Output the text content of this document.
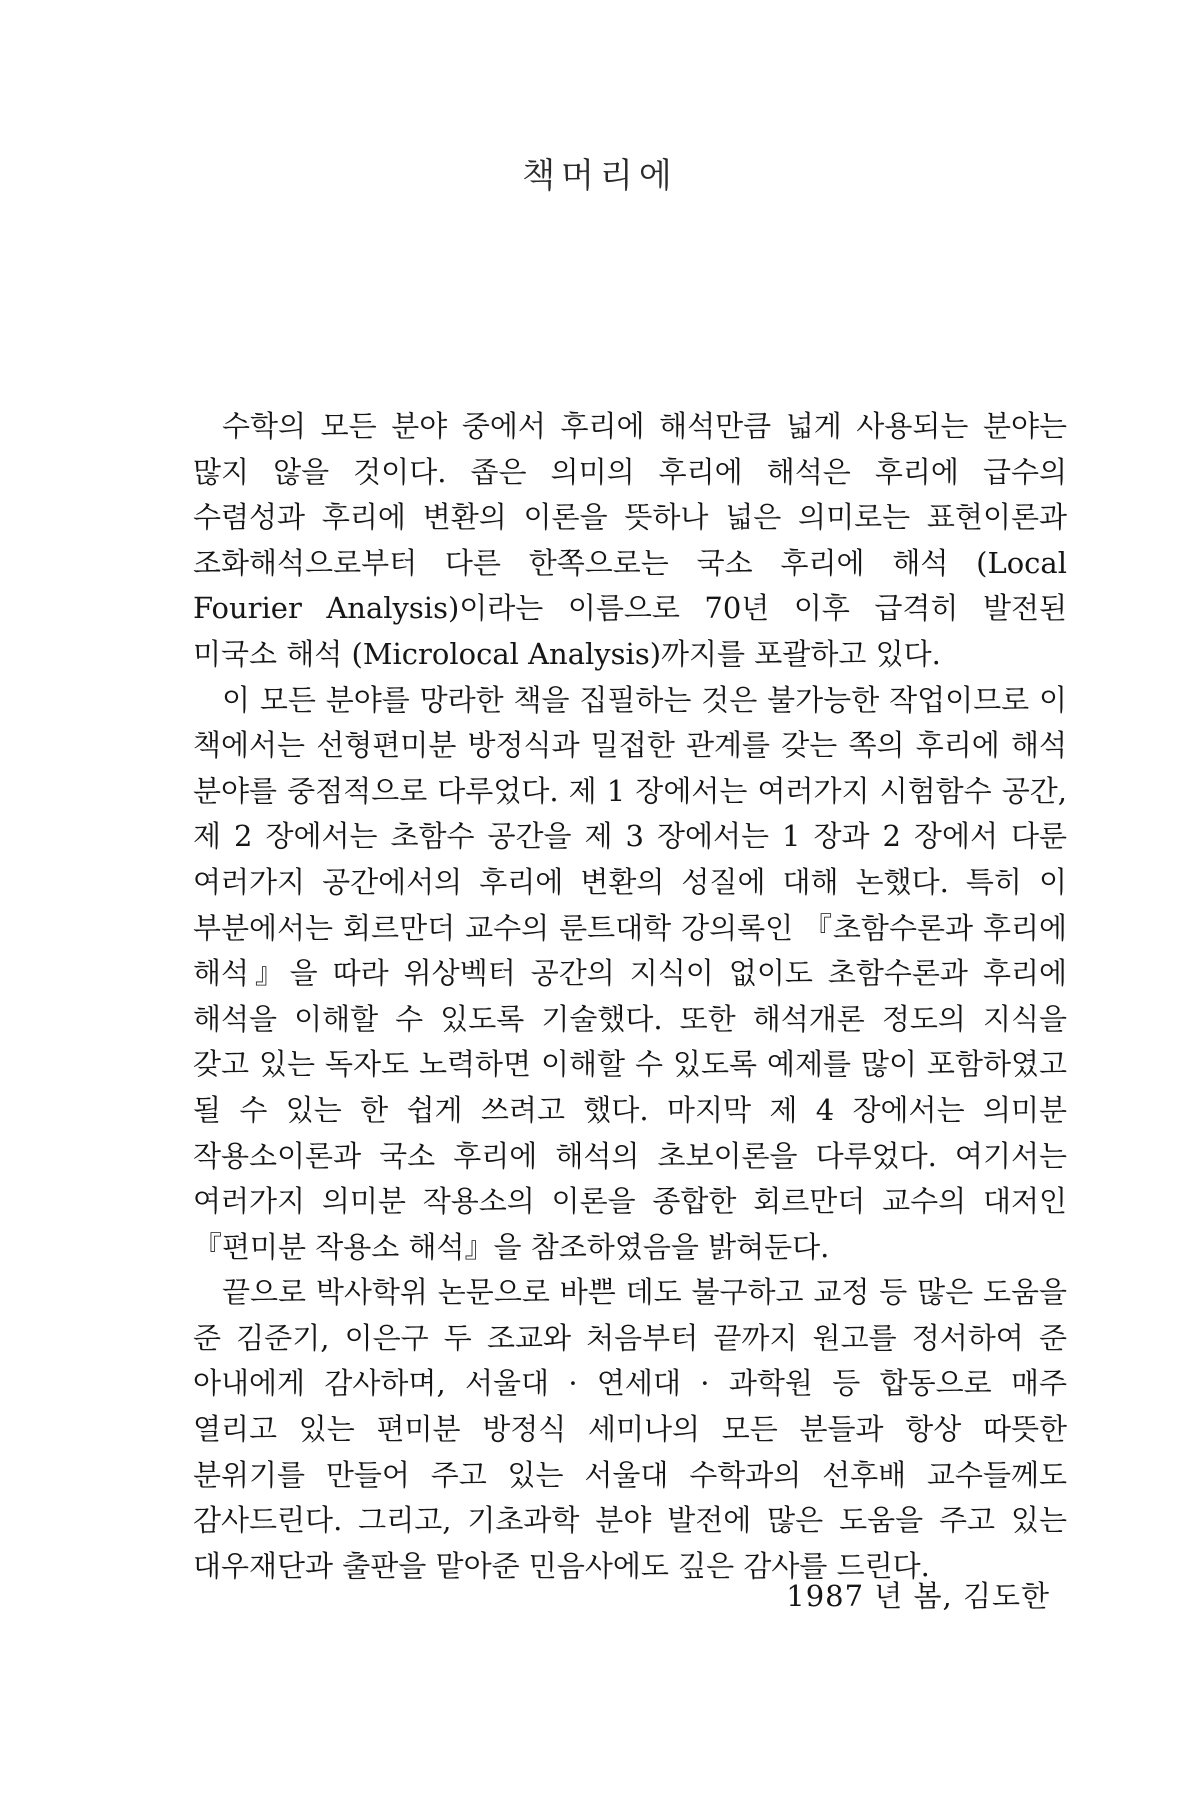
책머리에

수학의 모든 분야 중에서 후리에 해석만큼 넓게 사용되는 분야는 많지 않을 것이다. 좁은 의미의 후리에 해석은 후리에 급수의 수렴성과 후리에 변환의 이론을 뜻하나 넓은 의미로는 표현이론과 조화해석으로부터 다른 한쪽으로는 국소 후리에 해석 (Local Fourier Analysis)이라는 이름으로 70년 이후 급격히 발전된 미국소 해석 (Microlocal Analysis)까지를 포괄하고 있다.

이 모든 분야를 망라한 책을 집필하는 것은 불가능한 작업이므로 이 책에서는 선형편미분 방정식과 밀접한 관계를 갖는 쪽의 후리에 해석 분야를 중점적으로 다루었다. 제 1 장에서는 여러가지 시험함수 공간, 제 2 장에서는 초함수 공간을 제 3 장에서는 1 장과 2 장에서 다룬 여러가지 공간에서의 후리에 변환의 성질에 대해 논했다. 특히 이 부분에서는 회르만더 교수의 룬트대학 강의록인 『초함수론과 후리에 해석』을 따라 위상벡터 공간의 지식이 없이도 초함수론과 후리에 해석을 이해할 수 있도록 기술했다. 또한 해석개론 정도의 지식을 갖고 있는 독자도 노력하면 이해할 수 있도록 예제를 많이 포함하였고 될 수 있는 한 쉽게 쓰려고 했다. 마지막 제 4 장에서는 의미분 작용소이론과 국소 후리에 해석의 초보이론을 다루었다. 여기서는 여러가지 의미분 작용소의 이론을 종합한 회르만더 교수의 대저인 『편미분 작용소 해석』을 참조하였음을 밝혀둔다.

끝으로 박사학위 논문으로 바쁜 데도 불구하고 교정 등 많은 도움을 준 김준기, 이은구 두 조교와 처음부터 끝까지 원고를 정서하여 준 아내에게 감사하며, 서울대 · 연세대 · 과학원 등 합동으로 매주 열리고 있는 편미분 방정식 세미나의 모든 분들과 항상 따뜻한 분위기를 만들어 주고 있는 서울대 수학과의 선후배 교수들께도 감사드린다. 그리고, 기초과학 분야 발전에 많은 도움을 주고 있는 대우재단과 출판을 맡아준 민음사에도 깊은 감사를 드린다.

1987 년 봄, 김도한
